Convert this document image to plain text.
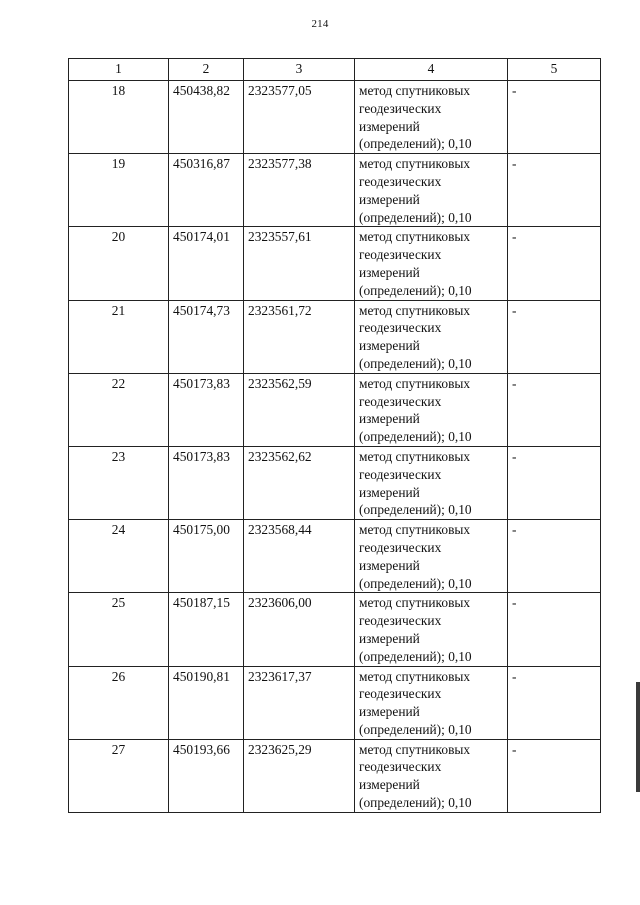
214
1	2	3	4	5
18	450438,82	2323577,05	метод спутниковых геодезических измерений (определений); 0,10	-
19	450316,87	2323577,38	метод спутниковых геодезических измерений (определений); 0,10	-
20	450174,01	2323557,61	метод спутниковых геодезических измерений (определений); 0,10	-
21	450174,73	2323561,72	метод спутниковых геодезических измерений (определений); 0,10	-
22	450173,83	2323562,59	метод спутниковых геодезических измерений (определений); 0,10	-
23	450173,83	2323562,62	метод спутниковых геодезических измерений (определений); 0,10	-
24	450175,00	2323568,44	метод спутниковых геодезических измерений (определений); 0,10	-
25	450187,15	2323606,00	метод спутниковых геодезических измерений (определений); 0,10	-
26	450190,81	2323617,37	метод спутниковых геодезических измерений (определений); 0,10	-
27	450193,66	2323625,29	метод спутниковых геодезических измерений (определений); 0,10	-
